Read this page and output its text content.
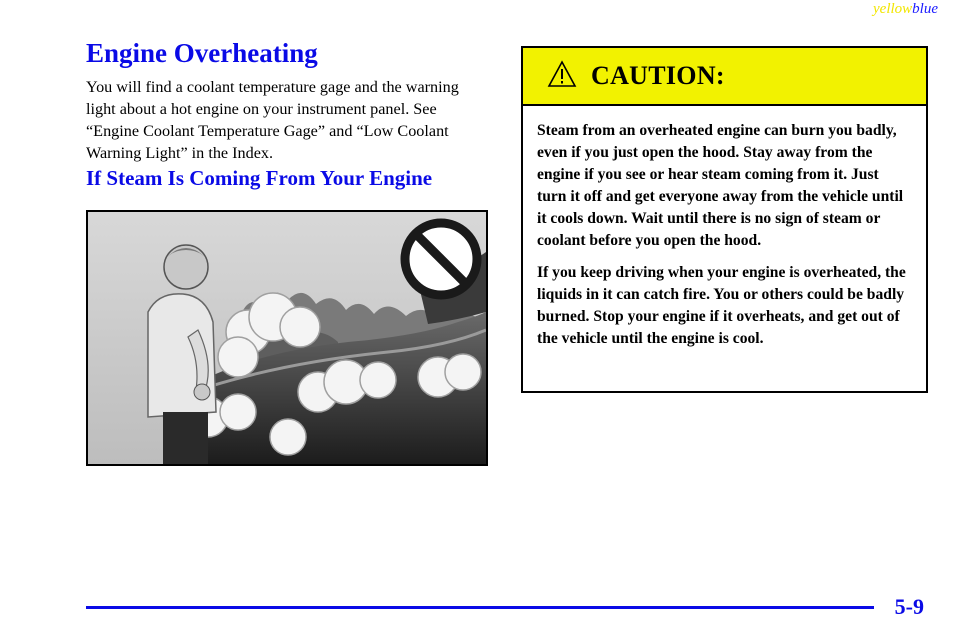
yellowblue
Engine Overheating

You will find a coolant temperature gage and the warning light about a hot engine on your instrument panel. See “Engine Coolant Temperature Gage” and “Low Coolant Warning Light” in the Index.

If Steam Is Coming From Your Engine
CAUTION:

Steam from an overheated engine can burn you badly, even if you just open the hood. Stay away from the engine if you see or hear steam coming from it. Just turn it off and get everyone away from the vehicle until it cools down. Wait until there is no sign of steam or coolant before you open the hood.

If you keep driving when your engine is overheated, the liquids in it can catch fire. You or others could be badly burned. Stop your engine if it overheats, and get out of the vehicle until the engine is cool.

5-9
